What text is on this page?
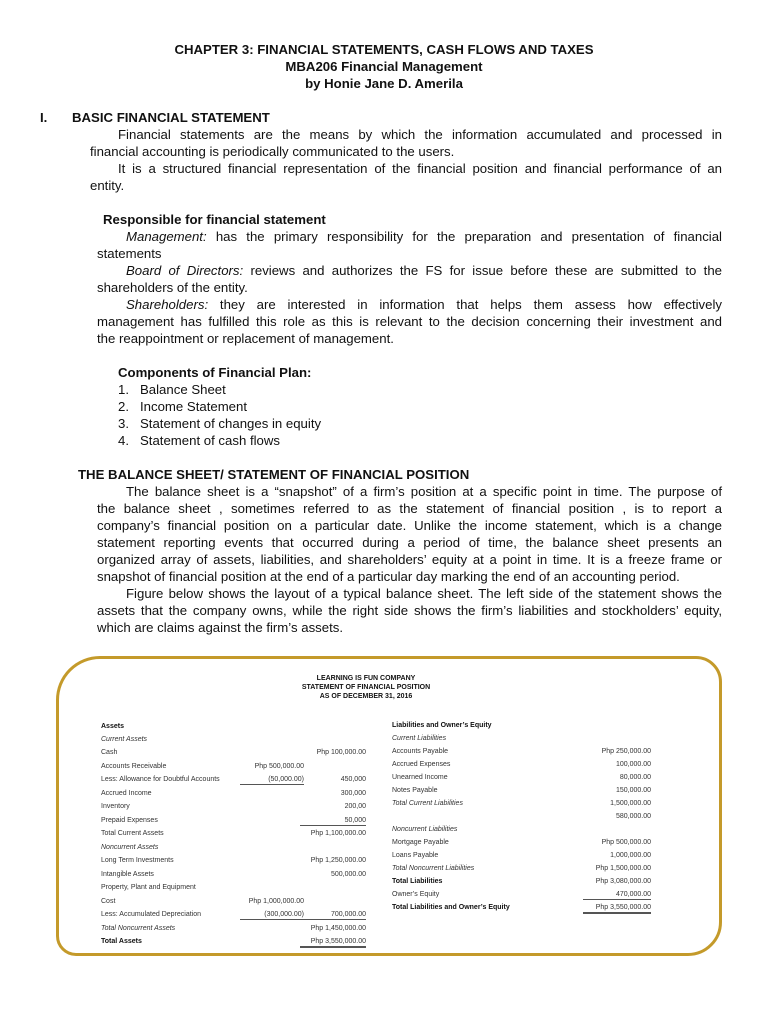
CHAPTER 3: FINANCIAL STATEMENTS, CASH FLOWS AND TAXES
MBA206 Financial Management
by Honie Jane D. Amerila
I. BASIC FINANCIAL STATEMENT
Financial statements are the means by which the information accumulated and processed in
financial accounting is periodically communicated to the users.
It is a structured financial representation of the financial position and financial performance of an
entity.
Responsible for financial statement
Management: has the primary responsibility for the preparation and presentation of financial
statements
Board of Directors: reviews and authorizes the FS for issue before these are submitted to the
shareholders of the entity.
Shareholders: they are interested in information that helps them assess how effectively
management has fulfilled this role as this is relevant to the decision concerning their investment and
the reappointment or replacement of management.
Components of Financial Plan:
1. Balance Sheet
2. Income Statement
3. Statement of changes in equity
4. Statement of cash flows
THE BALANCE SHEET/ STATEMENT OF FINANCIAL POSITION
The balance sheet is a “snapshot” of a firm’s position at a specific point in time. The purpose of
the balance sheet , sometimes referred to as the statement of financial position , is to report a
company’s financial position on a particular date. Unlike the income statement, which is a change
statement reporting events that occurred during a period of time, the balance sheet presents an
organized array of assets, liabilities, and shareholders’ equity at a point in time. It is a freeze frame or
snapshot of financial position at the end of a particular day marking the end of an accounting period.
Figure below shows the layout of a typical balance sheet. The left side of the statement shows the
assets that the company owns, while the right side shows the firm’s liabilities and stockholders’ equity,
which are claims against the firm’s assets.
LEARNING IS FUN COMPANY
STATEMENT OF FINANCIAL POSITION
AS OF DECEMBER 31, 2016
Assets
Current Assets
Cash	Php 100,000.00
Accounts Receivable	Php 500,000.00
Less: Allowance for Doubtful Accounts	(50,000.00)	450,000
Accrued Income	300,000
Inventory	200,00
Prepaid Expenses	50,000
Total Current Assets	Php 1,100,000.00
Noncurrent Assets
Long Term Investments	Php 1,250,000.00
Intangible Assets	500,000.00
Property, Plant and Equipment
Cost	Php 1,000,000.00
Less: Accumulated Depreciation	(300,000.00)	700,000.00
Total Noncurrent Assets	Php 1,450,000.00
Total Assets	Php 3,550,000.00
Liabilities and Owner’s Equity
Current Liabilities
Accounts Payable	Php 250,000.00
Accrued Expenses	100,000.00
Unearned Income	80,000.00
Notes Payable	150,000.00
Total Current Liabilities	1,500,000.00
580,000.00
Noncurrent Liabilities
Mortgage Payable	Php 500,000.00
Loans Payable	1,000,000.00
Total Noncurrent Liabilities	Php 1,500,000.00
Total Liabilities	Php 3,080,000.00
Owner’s Equity	470,000.00
Total Liabilities and Owner’s Equity	Php 3,550,000.00
